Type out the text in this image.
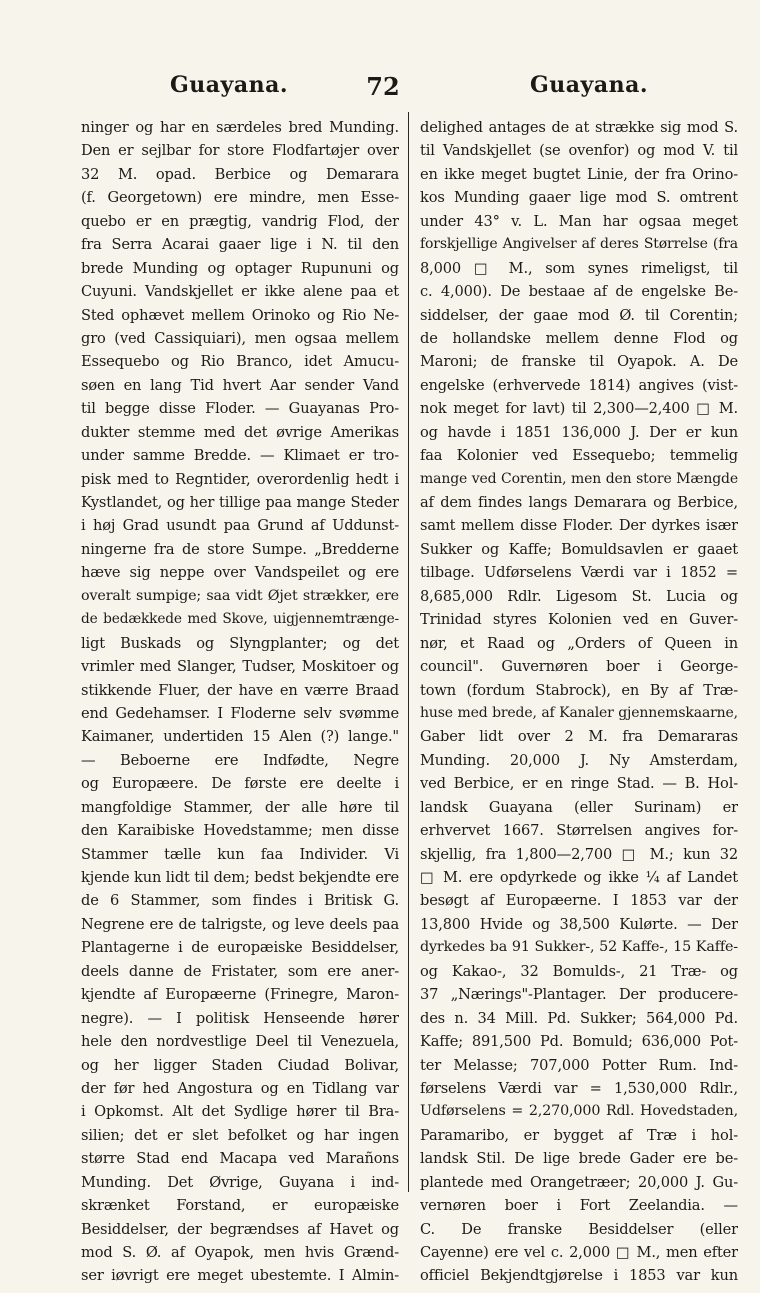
Guayana.	72	Guayana.
ninger og har en særdeles bred Munding.
Den er sejlbar for store Flodfartøjer over
32 M. opad. Berbice og Demarara
(f. Georgetown) ere mindre, men Esse-
quebo er en prægtig, vandrig Flod, der
fra Serra Acarai gaaer lige i N. til den
brede Munding og optager Rupununi og
Cuyuni. Vandskjellet er ikke alene paa et
Sted ophævet mellem Orinoko og Rio Ne-
gro (ved Cassiquiari), men ogsaa mellem
Essequebo og Rio Branco, idet Amucu-
søen en lang Tid hvert Aar sender Vand
til begge disse Floder. — Guayanas Pro-
dukter stemme med det øvrige Amerikas
under samme Bredde. — Klimaet er tro-
pisk med to Regntider, overordenlig hedt i
Kystlandet, og her tillige paa mange Steder
i høj Grad usundt paa Grund af Uddunst-
ningerne fra de store Sumpe. „Bredderne
hæve sig neppe over Vandspeilet og ere
overalt sumpige; saa vidt Øjet strækker, ere
de bedækkede med Skove, uigjennemtrænge-
ligt Buskads og Slyngplanter; og det
vrimler med Slanger, Tudser, Moskitoer og
stikkende Fluer, der have en værre Braad
end Gedehamser. I Floderne selv svømme
Kaimaner, undertiden 15 Alen (?) lange."
— Beboerne ere Indfødte, Negre
og Europæere. De første ere deelte i
mangfoldige Stammer, der alle høre til
den Karaibiske Hovedstamme; men disse
Stammer tælle kun faa Individer. Vi
kjende kun lidt til dem; bedst bekjendte ere
de 6 Stammer, som findes i Britisk G.
Negrene ere de talrigste, og leve deels paa
Plantagerne i de europæiske Besiddelser,
deels danne de Fristater, som ere aner-
kjendte af Europæerne (Frinegre, Maron-
negre). — I politisk Henseende hører
hele den nordvestlige Deel til Venezuela,
og her ligger Staden Ciudad Bolivar,
der før hed Angostura og en Tidlang var
i Opkomst. Alt det Sydlige hører til Bra-
silien; det er slet befolket og har ingen
større Stad end Macapa ved Marañons
Munding. Det Øvrige, Guyana i ind-
skrænket Forstand, er europæiske
Besiddelser, der begrændses af Havet og
mod S. Ø. af Oyapok, men hvis Grænd-
ser iøvrigt ere meget ubestemte. I Almin-
delighed antages de at strække sig mod S.
til Vandskjellet (se ovenfor) og mod V. til
en ikke meget bugtet Linie, der fra Orino-
kos Munding gaaer lige mod S. omtrent
under 43° v. L. Man har ogsaa meget
forskjellige Angivelser af deres Størrelse (fra
8,000 □ M., som synes rimeligst, til
c. 4,000). De bestaae af de engelske Be-
siddelser, der gaae mod Ø. til Corentin;
de hollandske mellem denne Flod og
Maroni; de franske til Oyapok. A. De
engelske (erhvervede 1814) angives (vist-
nok meget for lavt) til 2,300—2,400 □ M.
og havde i 1851 136,000 J. Der er kun
faa Kolonier ved Essequebo; temmelig
mange ved Corentin, men den store Mængde
af dem findes langs Demarara og Berbice,
samt mellem disse Floder. Der dyrkes især
Sukker og Kaffe; Bomuldsavlen er gaaet
tilbage. Udførselens Værdi var i 1852 =
8,685,000 Rdlr. Ligesom St. Lucia og
Trinidad styres Kolonien ved en Guver-
nør, et Raad og „Orders of Queen in
council". Guvernøren boer i George-
town (fordum Stabrock), en By af Træ-
huse med brede, af Kanaler gjennemskaarne,
Gaber lidt over 2 M. fra Demararas
Munding. 20,000 J. Ny Amsterdam,
ved Berbice, er en ringe Stad. — B. Hol-
landsk Guayana (eller Surinam) er
erhvervet 1667. Størrelsen angives for-
skjellig, fra 1,800—2,700 □ M.; kun 32
□ M. ere opdyrkede og ikke ¼ af Landet
besøgt af Europæerne. I 1853 var der
13,800 Hvide og 38,500 Kulørte. — Der
dyrkedes ba 91 Sukker-, 52 Kaffe-, 15 Kaffe-
og Kakao-, 32 Bomulds-, 21 Træ- og
37 „Nærings"-Plantager. Der producere-
des n. 34 Mill. Pd. Sukker; 564,000 Pd.
Kaffe; 891,500 Pd. Bomuld; 636,000 Pot-
ter Melasse; 707,000 Potter Rum. Ind-
førselens Værdi var = 1,530,000 Rdlr.,
Udførselens = 2,270,000 Rdl. Hovedstaden,
Paramaribo, er bygget af Træ i hol-
landsk Stil. De lige brede Gader ere be-
plantede med Orangetræer; 20,000 J. Gu-
vernøren boer i Fort Zeelandia. —
C. De franske Besiddelser (eller
Cayenne) ere vel c. 2,000 □ M., men efter
officiel Bekjendtgjørelse i 1853 var kun
